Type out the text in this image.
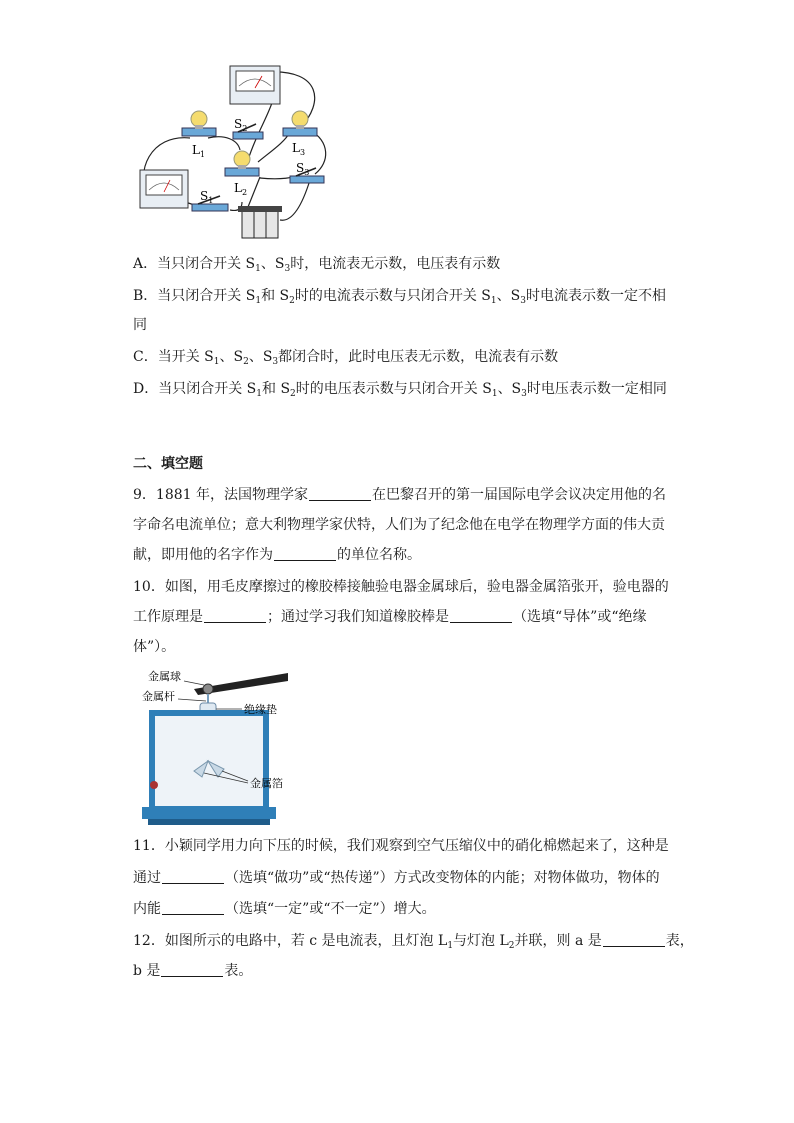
$L_1$
$S_2$
$L_3$
$L_2$
$S_3$
$S_1$
A．当只闭合开关 $S_1$、$S_3$时，电流表无示数，电压表有示数
B．当只闭合开关 $S_1$和 $S_2$时的电流表示数与只闭合开关 $S_1$、$S_3$时电流表示数一定不相
同
C．当开关 $S_1$、$S_2$、$S_3$都闭合时，此时电压表无示数，电流表有示数
D．当只闭合开关 $S_1$和 $S_2$时的电压表示数与只闭合开关 $S_1$、$S_3$时电压表示数一定相同
二、填空题
9．1881 年，法国物理学家	在巴黎召开的第一届国际电学会议决定用他的名
字命名电流单位；意大利物理学家伏特，人们为了纪念他在电学在物理学方面的伟大贡
献，即用他的名字作为	的单位名称。
10．如图，用毛皮摩擦过的橡胶棒接触验电器金属球后，验电器金属箔张开，验电器的
工作原理是	；通过学习我们知道橡胶棒是	（选填“导体”或“绝缘
体”）。
金属球
金属杆
绝缘垫
金属箔
11．小颖同学用力向下压的时候，我们观察到空气压缩仪中的硝化棉燃起来了，这种是
通过	（选填“做功”或“热传递”）方式改变物体的内能；对物体做功，物体的
内能	（选填“一定”或“不一定”）增大。
12．如图所示的电路中，若 c 是电流表，且灯泡 $L_1$与灯泡 $L_2$并联，则 a 是	表，
b 是	表。
